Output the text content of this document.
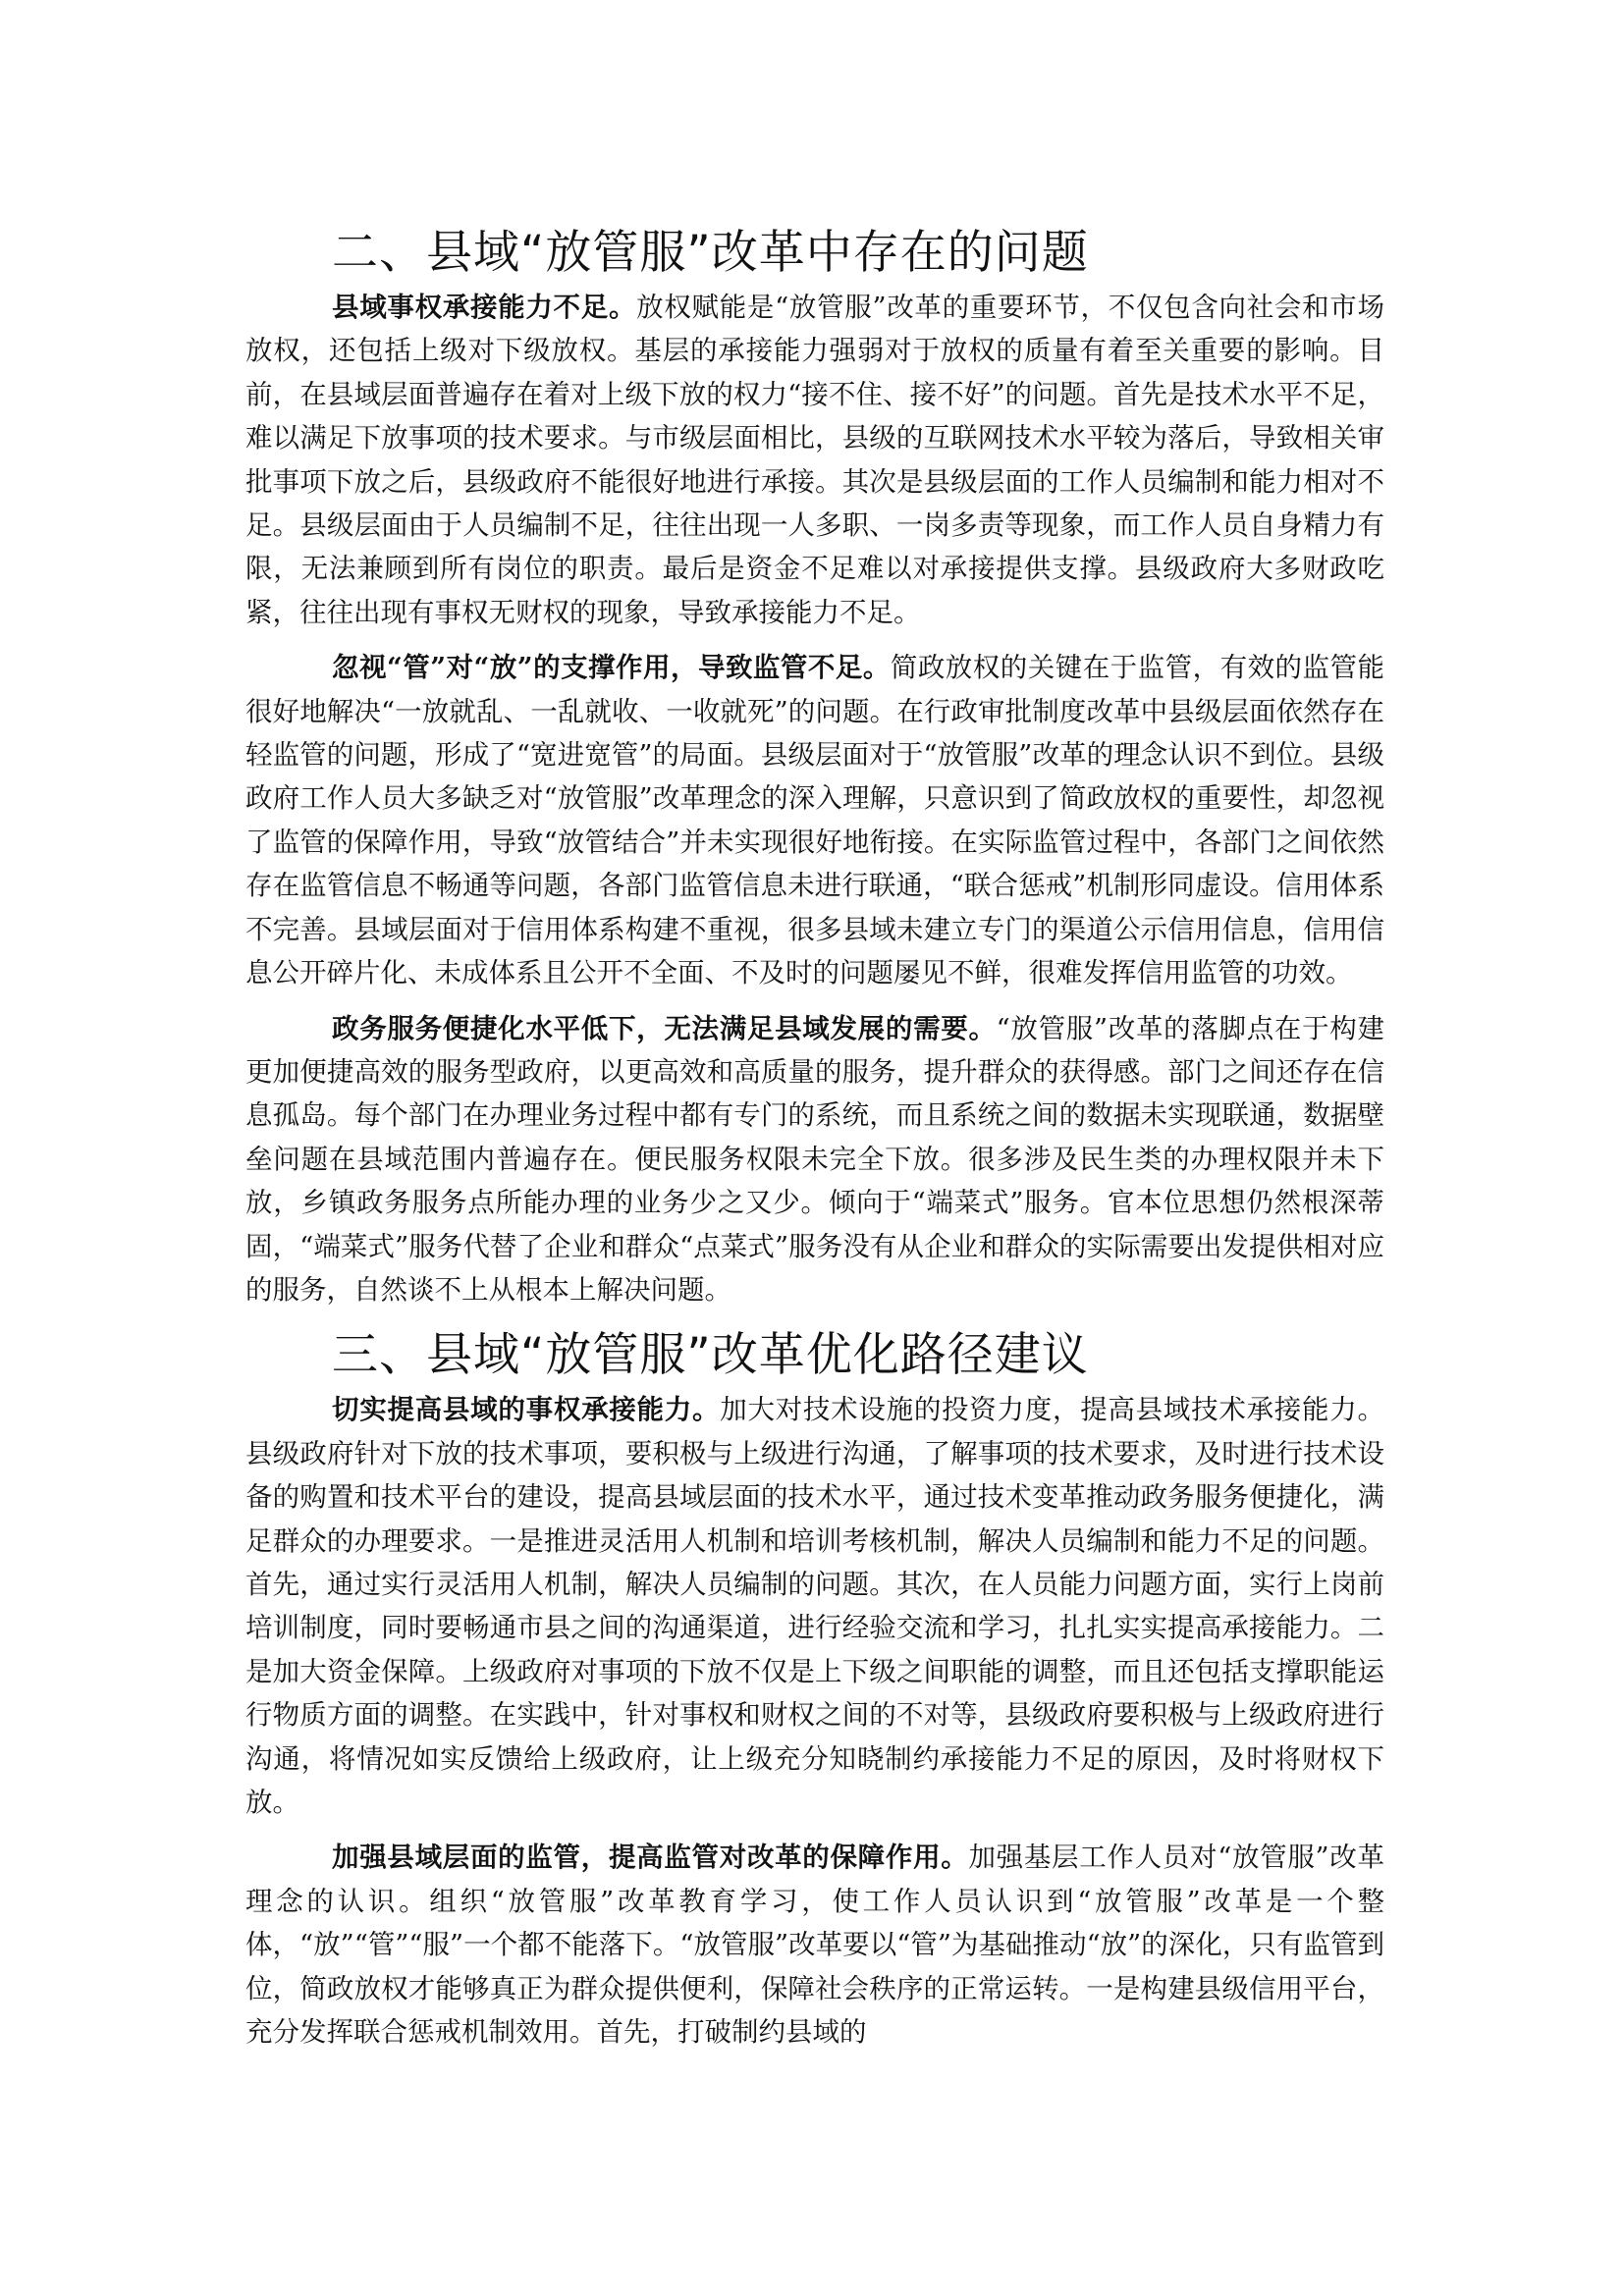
二、县域“放管服”改革中存在的问题

县域事权承接能力不足。放权赋能是“放管服”改革的重要环节，不仅包含向社会和市场放权，还包括上级对下级放权。基层的承接能力强弱对于放权的质量有着至关重要的影响。目前，在县域层面普遍存在着对上级下放的权力“接不住、接不好”的问题。首先是技术水平不足，难以满足下放事项的技术要求。与市级层面相比，县级的互联网技术水平较为落后，导致相关审批事项下放之后，县级政府不能很好地进行承接。其次是县级层面的工作人员编制和能力相对不足。县级层面由于人员编制不足，往往出现一人多职、一岗多责等现象，而工作人员自身精力有限，无法兼顾到所有岗位的职责。最后是资金不足难以对承接提供支撑。县级政府大多财政吃紧，往往出现有事权无财权的现象，导致承接能力不足。

忽视“管”对“放”的支撑作用，导致监管不足。简政放权的关键在于监管，有效的监管能很好地解决“一放就乱、一乱就收、一收就死”的问题。在行政审批制度改革中县级层面依然存在轻监管的问题，形成了“宽进宽管”的局面。县级层面对于“放管服”改革的理念认识不到位。县级政府工作人员大多缺乏对“放管服”改革理念的深入理解，只意识到了简政放权的重要性，却忽视了监管的保障作用，导致“放管结合”并未实现很好地衔接。在实际监管过程中，各部门之间依然存在监管信息不畅通等问题，各部门监管信息未进行联通，“联合惩戒”机制形同虚设。信用体系不完善。县域层面对于信用体系构建不重视，很多县域未建立专门的渠道公示信用信息，信用信息公开碎片化、未成体系且公开不全面、不及时的问题屡见不鲜，很难发挥信用监管的功效。

政务服务便捷化水平低下，无法满足县域发展的需要。“放管服”改革的落脚点在于构建更加便捷高效的服务型政府，以更高效和高质量的服务，提升群众的获得感。部门之间还存在信息孤岛。每个部门在办理业务过程中都有专门的系统，而且系统之间的数据未实现联通，数据壁垒问题在县域范围内普遍存在。便民服务权限未完全下放。很多涉及民生类的办理权限并未下放，乡镇政务服务点所能办理的业务少之又少。倾向于“端菜式”服务。官本位思想仍然根深蒂固，“端菜式”服务代替了企业和群众“点菜式”服务没有从企业和群众的实际需要出发提供相对应的服务，自然谈不上从根本上解决问题。

三、县域“放管服”改革优化路径建议

切实提高县域的事权承接能力。加大对技术设施的投资力度，提高县域技术承接能力。县级政府针对下放的技术事项，要积极与上级进行沟通，了解事项的技术要求，及时进行技术设备的购置和技术平台的建设，提高县域层面的技术水平，通过技术变革推动政务服务便捷化，满足群众的办理要求。一是推进灵活用人机制和培训考核机制，解决人员编制和能力不足的问题。首先，通过实行灵活用人机制，解决人员编制的问题。其次，在人员能力问题方面，实行上岗前培训制度，同时要畅通市县之间的沟通渠道，进行经验交流和学习，扎扎实实提高承接能力。二是加大资金保障。上级政府对事项的下放不仅是上下级之间职能的调整，而且还包括支撑职能运行物质方面的调整。在实践中，针对事权和财权之间的不对等，县级政府要积极与上级政府进行沟通，将情况如实反馈给上级政府，让上级充分知晓制约承接能力不足的原因，及时将财权下放。

加强县域层面的监管，提高监管对改革的保障作用。加强基层工作人员对“放管服”改革理念的认识。组织“放管服”改革教育学习，使工作人员认识到“放管服”改革是一个整体，“放”“管”“服”一个都不能落下。“放管服”改革要以“管”为基础推动“放”的深化，只有监管到位，简政放权才能够真正为群众提供便利，保障社会秩序的正常运转。一是构建县级信用平台，充分发挥联合惩戒机制效用。首先，打破制约县域的
